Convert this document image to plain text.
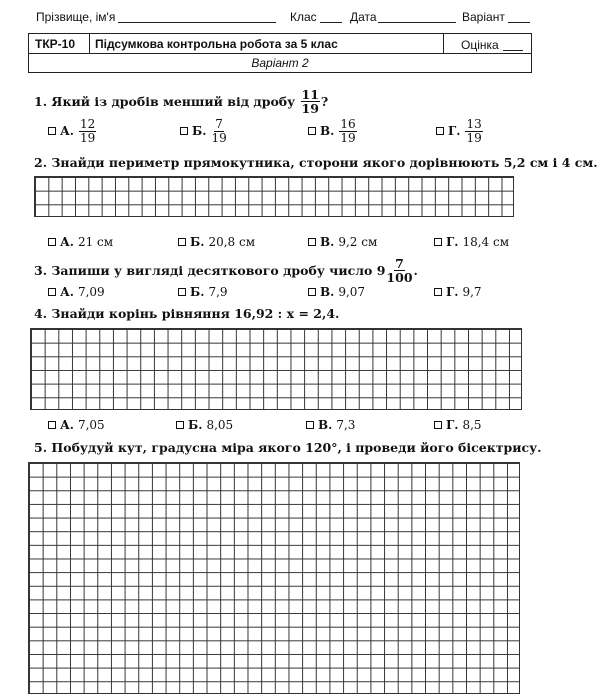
Прізвище, ім'я	Клас	Дата	Варіант
ТКР-10 Підсумкова контрольна робота за 5 клас	Оцінка
Варіант 2
1.
Який із дробів менший від дробу
$\frac{11}{19}$ ?
А. $\frac{12}{19}$	Б. $\frac{7}{19}$	В. $\frac{16}{19}$	Г. $\frac{13}{19}$
2. Знайди периметр прямокутника, сторони якого дорівнюють 5,2 см і 4 см.
А. 21 см	Б. 20,8 см	В. 9,2 см	Г. 18,4 см
3.
Запиши у вигляді десяткового дробу число
$9 \frac{7}{100}$ .
А. 7,09	Б. 7,9	В. 9,07	Г. 9,7
4. Знайди корінь рівняння 16,92 : x = 2,4.
А. 7,05	Б. 8,05	В. 7,3	Г. 8,5
5. Побудуй кут, градусна міра якого 120°, і проведи його бісектрису.
